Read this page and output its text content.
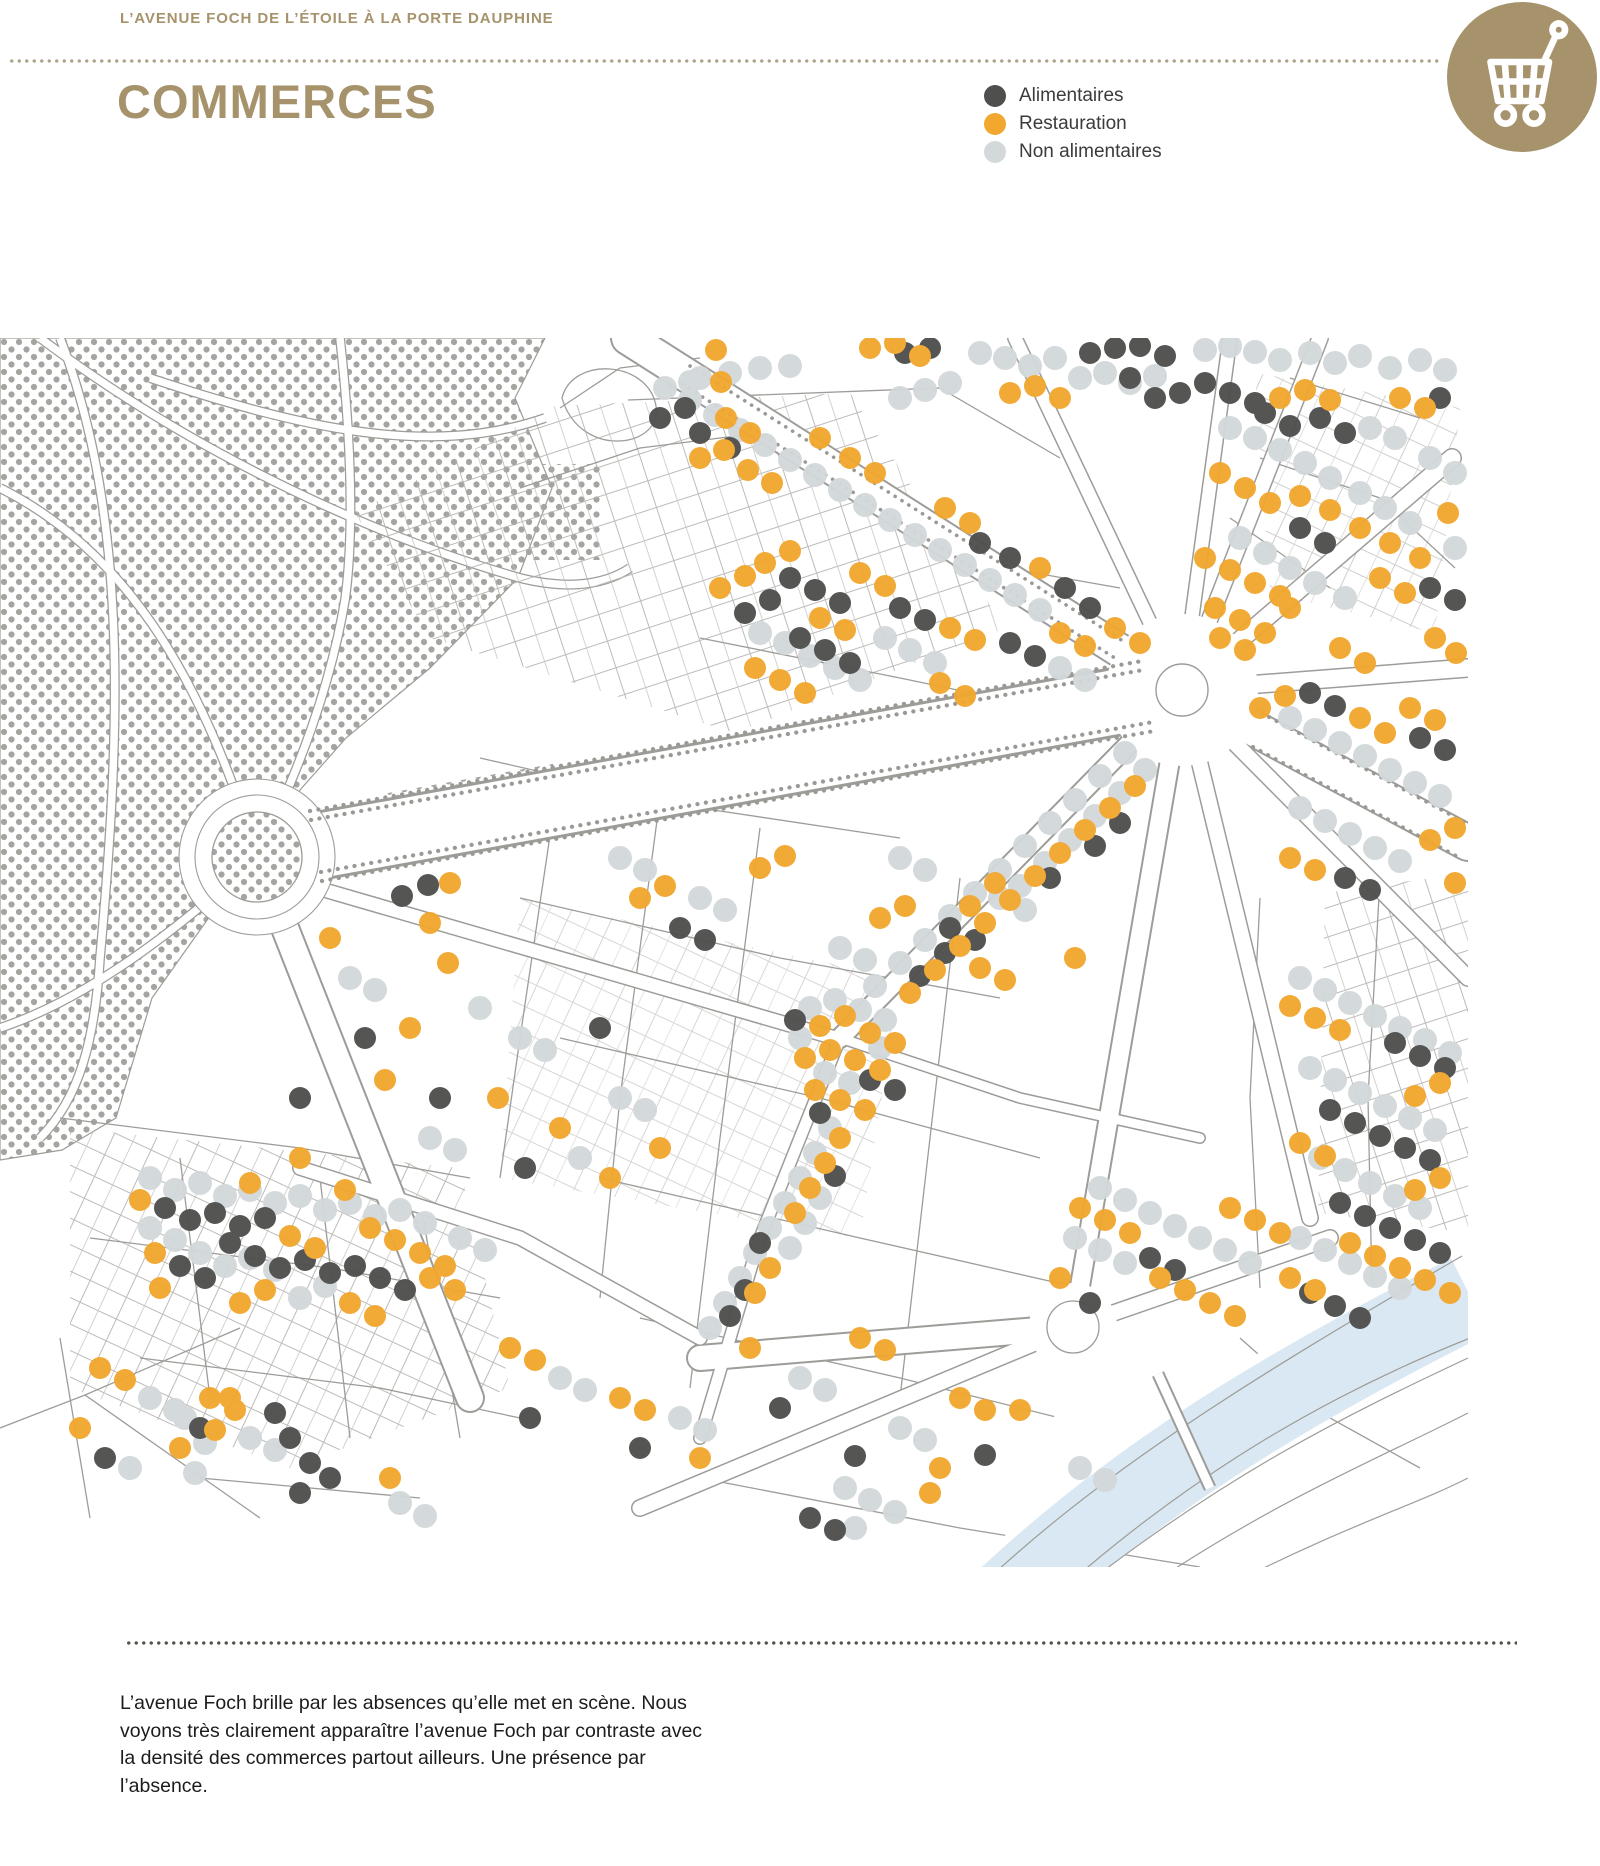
L’AVENUE FOCH DE L’ÉTOILE À LA PORTE DAUPHINE
COMMERCES	Alimentaires
Restauration
Non alimentaires
L’avenue Foch brille par les absences qu’elle met en scène. Nous voyons très clairement apparaître l’avenue Foch par contraste avec la densité des commerces partout ailleurs. Une présence par l’absence.
